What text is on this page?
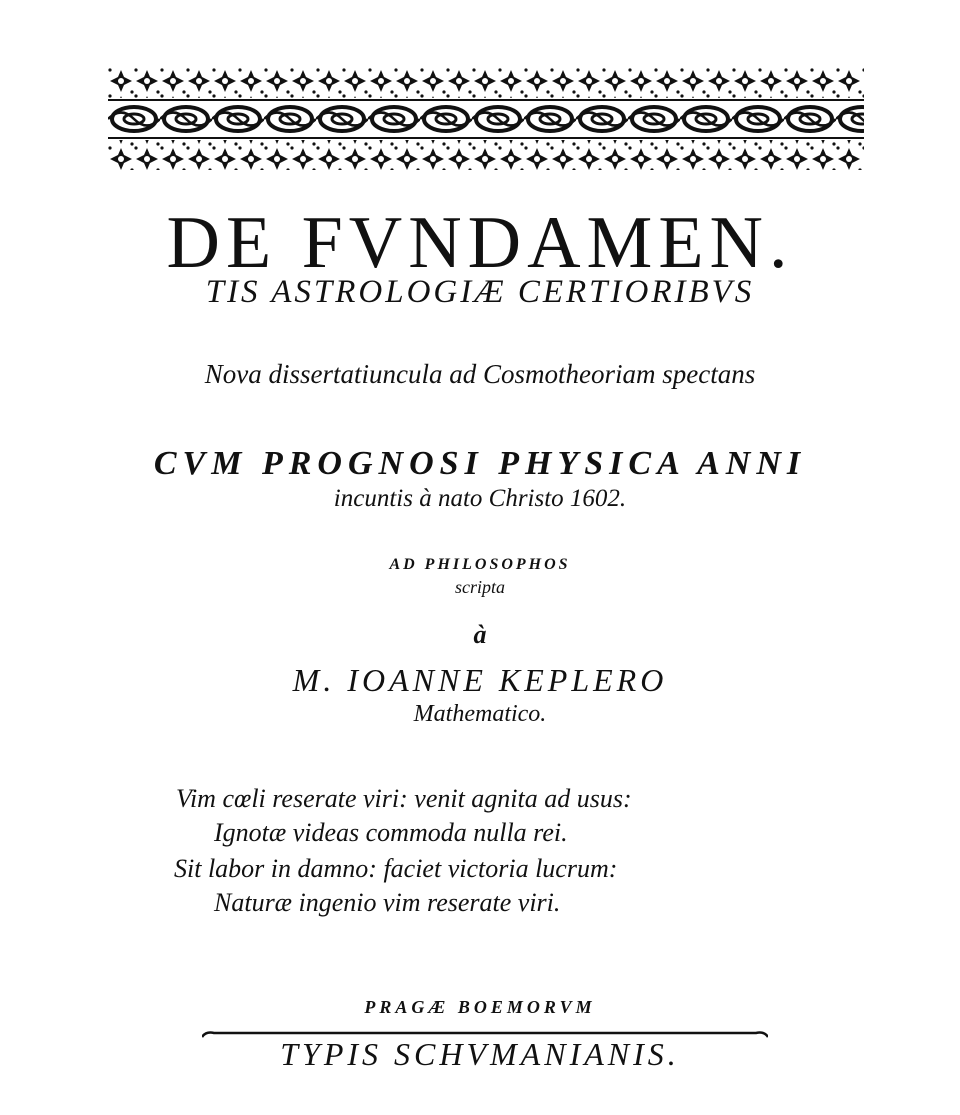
DE FVNDAMEN.
TIS ASTROLOGIÆ CERTIORIBVS
Nova dissertatiuncula ad Cosmotheoriam spectans
CVM PROGNOSI PHYSICA ANNI
incuntis à nato Christo 1602.
AD PHILOSOPHOS
scripta
à
M. IOANNE KEPLERO
Mathematico.
Vim cœli reserate viri: venit agnita ad usus:
Ignotæ videas commoda nulla rei.
Sit labor in damno: faciet victoria lucrum:
Naturæ ingenio vim reserate viri.
PRAGÆ BOEMORVM
TYPIS SCHVMANIANIS.
